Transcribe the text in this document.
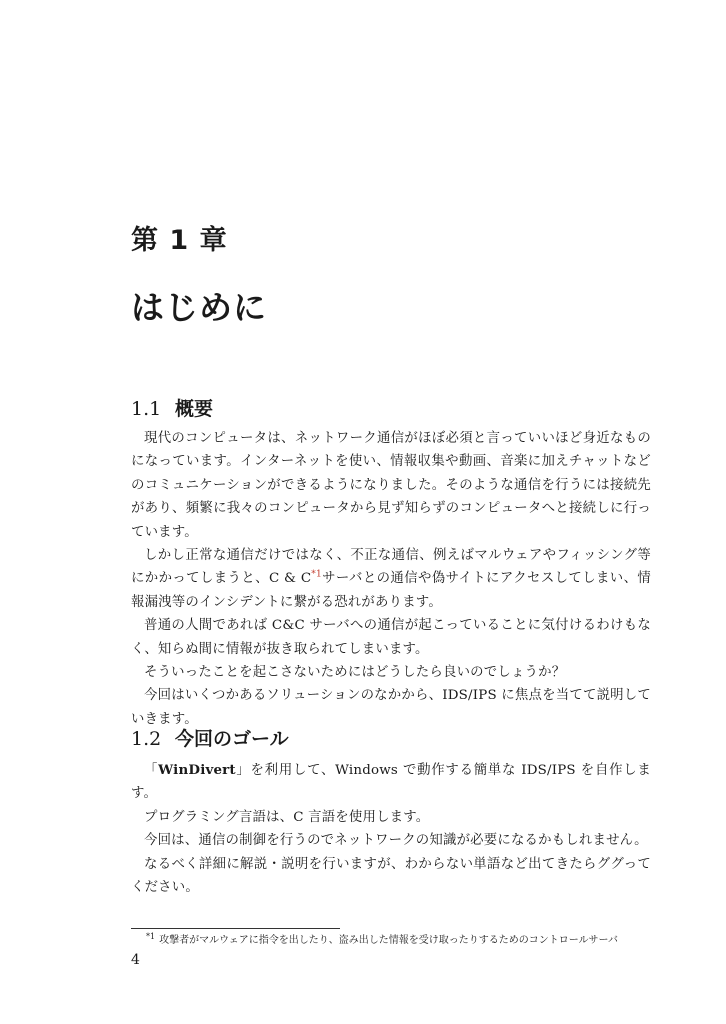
第 1 章
はじめに
1.1 概要

現代のコンピュータは、ネットワーク通信がほぼ必須と言っていいほど身近なものになっています。インターネットを使い、情報収集や動画、音楽に加えチャットなどのコミュニケーションができるようになりました。そのような通信を行うには接続先があり、頻繁に我々のコンピュータから見ず知らずのコンピュータへと接続しに行っています。

しかし正常な通信だけではなく、不正な通信、例えばマルウェアやフィッシング等にかかってしまうと、C & C$^{*1}$サーバとの通信や偽サイトにアクセスしてしまい、情報漏洩等のインシデントに繋がる恐れがあります。

普通の人間であれば C&C サーバへの通信が起こっていることに気付けるわけもなく、知らぬ間に情報が抜き取られてしまいます。

そういったことを起こさないためにはどうしたら良いのでしょうか？

今回はいくつかあるソリューションのなかから、IDS/IPS に焦点を当てて説明していきます。

1.2 今回のゴール

「WinDivert」を利用して、Windows で動作する簡単な IDS/IPS を自作します。

プログラミング言語は、C 言語を使用します。

今回は、通信の制御を行うのでネットワークの知識が必要になるかもしれません。

なるべく詳細に解説・説明を行いますが、わからない単語など出てきたらググってください。

$^{*1}$ 攻撃者がマルウェアに指令を出したり、盗み出した情報を受け取ったりするためのコントロールサーバ
4
